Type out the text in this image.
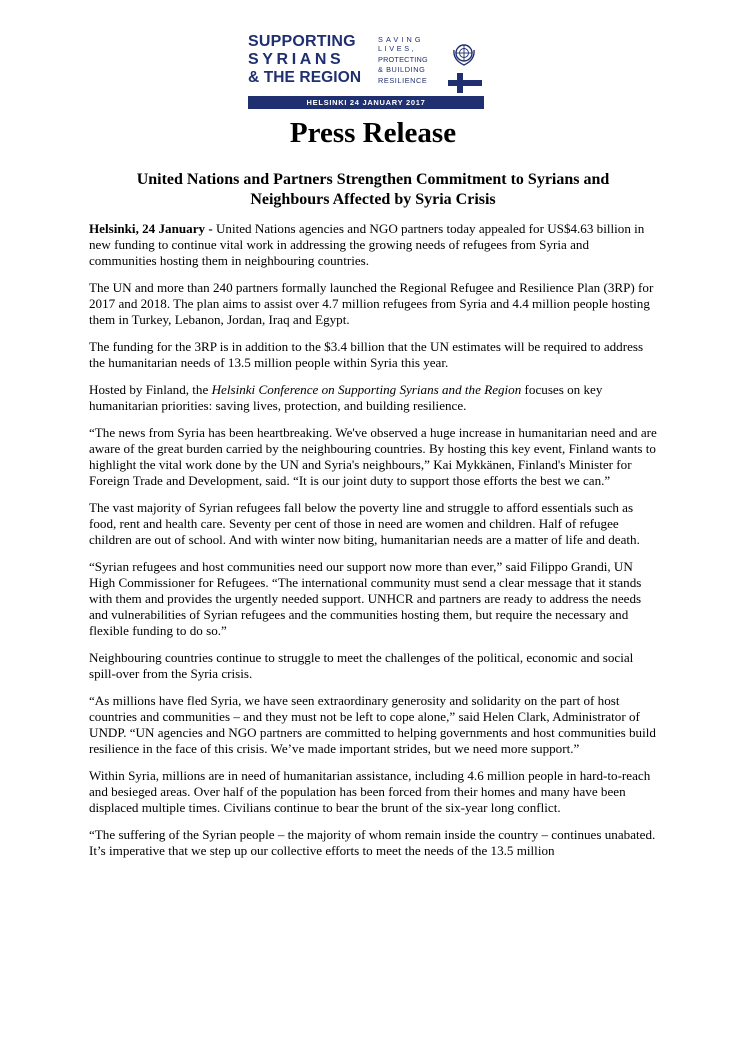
SUPPORTING
SYRIANS
& THE REGION
SAVING
LIVES,
PROTECTING
& BUILDING
RESILIENCE
HELSINKI 24 JANUARY 2017
Press Release
United Nations and Partners Strengthen Commitment to Syrians and Neighbours Affected by Syria Crisis

Helsinki, 24 January - United Nations agencies and NGO partners today appealed for US$4.63 billion in new funding to continue vital work in addressing the growing needs of refugees from Syria and communities hosting them in neighbouring countries.

The UN and more than 240 partners formally launched the Regional Refugee and Resilience Plan (3RP) for 2017 and 2018. The plan aims to assist over 4.7 million refugees from Syria and 4.4 million people hosting them in Turkey, Lebanon, Jordan, Iraq and Egypt.

The funding for the 3RP is in addition to the $3.4 billion that the UN estimates will be required to address the humanitarian needs of 13.5 million people within Syria this year.

Hosted by Finland, the Helsinki Conference on Supporting Syrians and the Region focuses on key humanitarian priorities: saving lives, protection, and building resilience.

“The news from Syria has been heartbreaking. We've observed a huge increase in humanitarian need and are aware of the great burden carried by the neighbouring countries. By hosting this key event, Finland wants to highlight the vital work done by the UN and Syria's neighbours,” Kai Mykkänen, Finland's Minister for Foreign Trade and Development, said. “It is our joint duty to support those efforts the best we can.”

The vast majority of Syrian refugees fall below the poverty line and struggle to afford essentials such as food, rent and health care. Seventy per cent of those in need are women and children. Half of refugee children are out of school. And with winter now biting, humanitarian needs are a matter of life and death.

“Syrian refugees and host communities need our support now more than ever,” said Filippo Grandi, UN High Commissioner for Refugees. “The international community must send a clear message that it stands with them and provides the urgently needed support. UNHCR and partners are ready to address the needs and vulnerabilities of Syrian refugees and the communities hosting them, but require the necessary and flexible funding to do so.”

Neighbouring countries continue to struggle to meet the challenges of the political, economic and social spill-over from the Syria crisis.

“As millions have fled Syria, we have seen extraordinary generosity and solidarity on the part of host countries and communities – and they must not be left to cope alone,” said Helen Clark, Administrator of UNDP. “UN agencies and NGO partners are committed to helping governments and host communities build resilience in the face of this crisis. We’ve made important strides, but we need more support.”

Within Syria, millions are in need of humanitarian assistance, including 4.6 million people in hard-to-reach and besieged areas. Over half of the population has been forced from their homes and many have been displaced multiple times. Civilians continue to bear the brunt of the six-year long conflict.

“The suffering of the Syrian people – the majority of whom remain inside the country – continues unabated. It’s imperative that we step up our collective efforts to meet the needs of the 13.5 million
